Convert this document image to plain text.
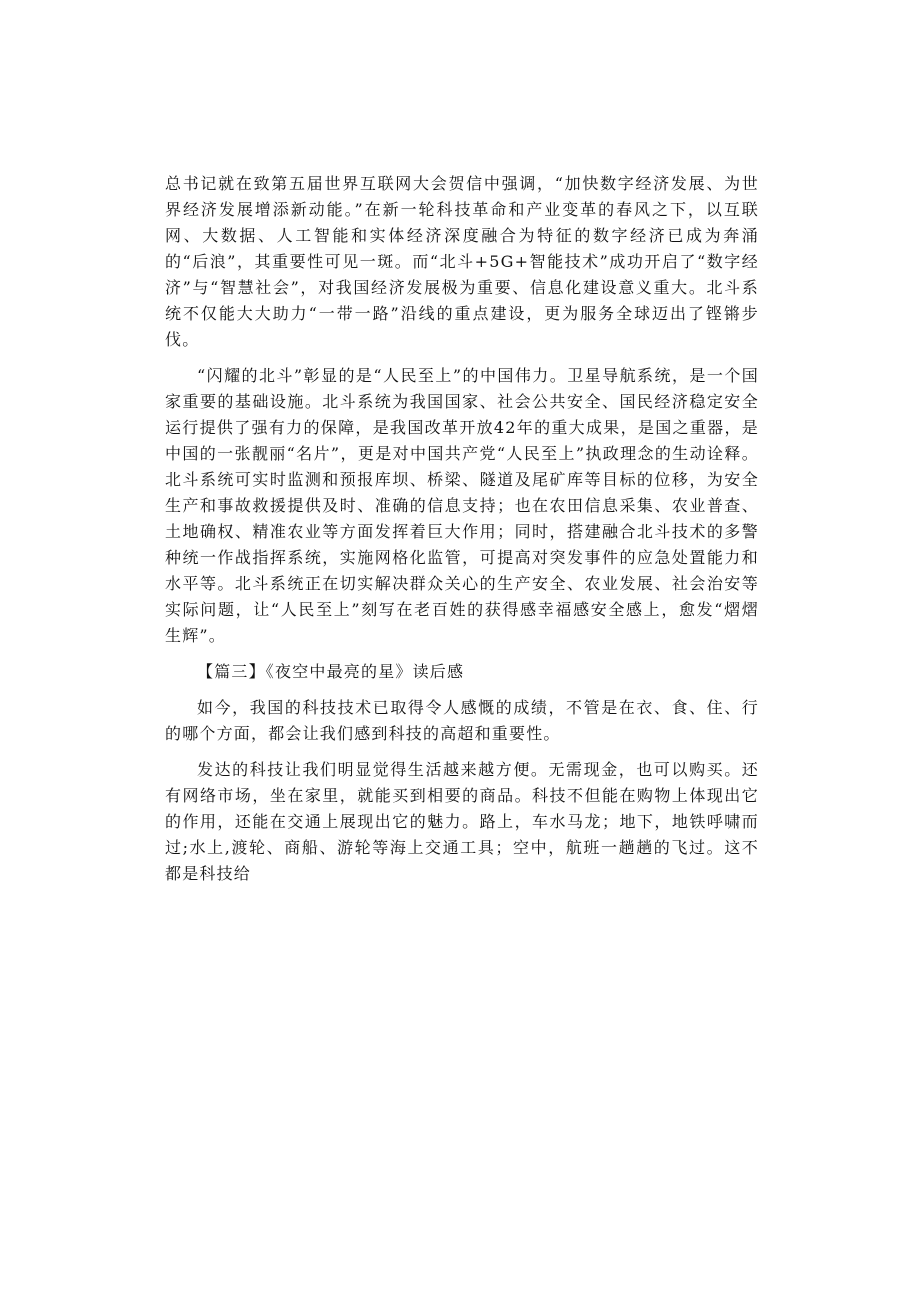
总书记就在致第五届世界互联网大会贺信中强调，“加快数字经济发展、为世界经济发展增添新动能。”在新一轮科技革命和产业变革的春风之下，以互联网、大数据、人工智能和实体经济深度融合为特征的数字经济已成为奔涌的“后浪”，其重要性可见一斑。而“北斗+5G+智能技术”成功开启了“数字经济”与“智慧社会”，对我国经济发展极为重要、信息化建设意义重大。北斗系统不仅能大大助力“一带一路”沿线的重点建设，更为服务全球迈出了铿锵步伐。

“闪耀的北斗”彰显的是“人民至上”的中国伟力。卫星导航系统，是一个国家重要的基础设施。北斗系统为我国国家、社会公共安全、国民经济稳定安全运行提供了强有力的保障，是我国改革开放42年的重大成果，是国之重器，是中国的一张靓丽“名片”，更是对中国共产党“人民至上”执政理念的生动诠释。北斗系统可实时监测和预报库坝、桥梁、隧道及尾矿库等目标的位移，为安全生产和事故救援提供及时、准确的信息支持；也在农田信息采集、农业普查、土地确权、精准农业等方面发挥着巨大作用；同时，搭建融合北斗技术的多警种统一作战指挥系统，实施网格化监管，可提高对突发事件的应急处置能力和水平等。北斗系统正在切实解决群众关心的生产安全、农业发展、社会治安等实际问题，让“人民至上”刻写在老百姓的获得感幸福感安全感上，愈发“熠熠生辉”。

【篇三】《夜空中最亮的星》读后感

如今，我国的科技技术已取得令人感慨的成绩，不管是在衣、食、住、行的哪个方面，都会让我们感到科技的高超和重要性。

发达的科技让我们明显觉得生活越来越方便。无需现金，也可以购买。还有网络市场，坐在家里，就能买到相要的商品。科技不但能在购物上体现出它的作用，还能在交通上展现出它的魅力。路上，车水马龙；地下，地铁呼啸而过;水上,渡轮、商船、游轮等海上交通工具；空中，航班一趟趟的飞过。这不都是科技给
